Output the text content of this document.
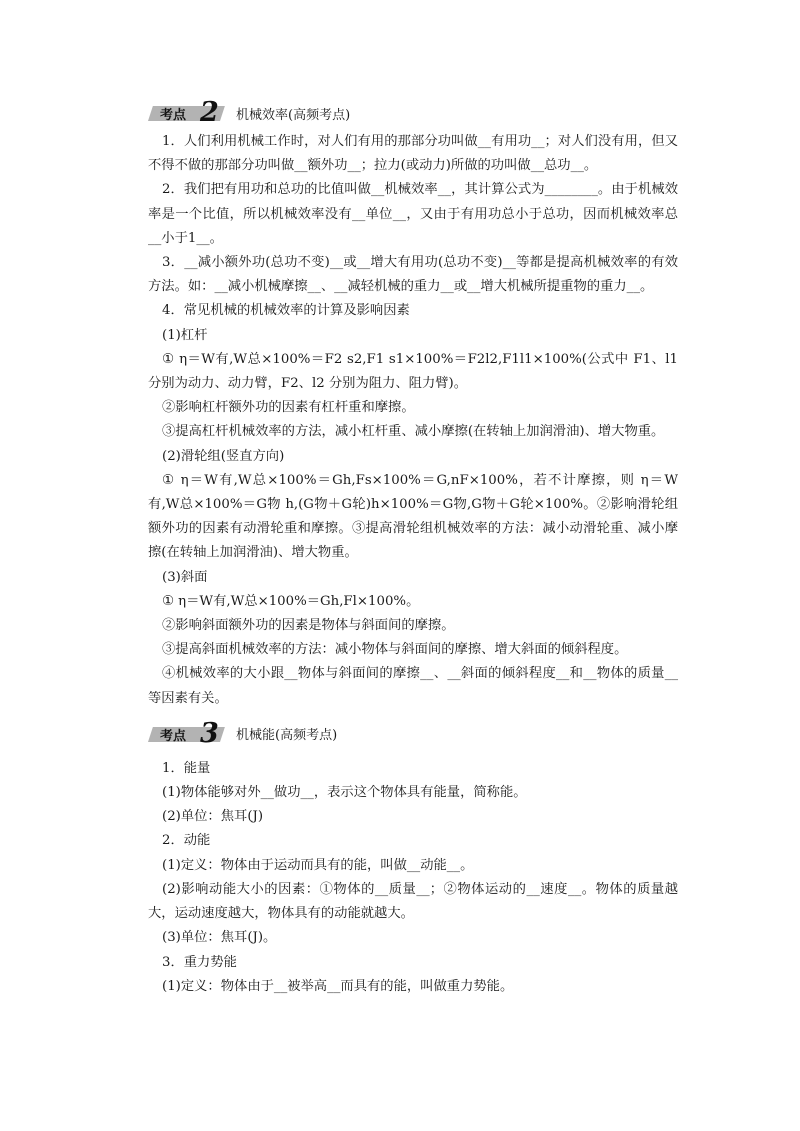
考点 2 机械效率(高频考点)

1．人们利用机械工作时，对人们有用的那部分功叫做__有用功__；对人们没有用，但又不得不做的那部分功叫做__额外功__；拉力(或动力)所做的功叫做__总功__。

2．我们把有用功和总功的比值叫做__机械效率__，其计算公式为________。由于机械效率是一个比值，所以机械效率没有__单位__，又由于有用功总小于总功，因而机械效率总__小于1__。

3．__减小额外功(总功不变)__或__增大有用功(总功不变)__等都是提高机械效率的有效方法。如：__减小机械摩擦__、__减轻机械的重力__或__增大机械所提重物的重力__。

4．常见机械的机械效率的计算及影响因素

(1)杠杆

① η＝W有,W总×100%＝F2 s2,F1 s1×100%＝F2l2,F1l1×100%(公式中 F1、l1 分别为动力、动力臂，F2、l2 分别为阻力、阻力臂)。

②影响杠杆额外功的因素有杠杆重和摩擦。

③提高杠杆机械效率的方法，减小杠杆重、减小摩擦(在转轴上加润滑油)、增大物重。

(2)滑轮组(竖直方向)

① η＝W有,W总×100%＝Gh,Fs×100%＝G,nF×100%，若不计摩擦，则 η＝W有,W总×100%＝G物 h,(G物＋G轮)h×100%＝G物,G物＋G轮×100%。②影响滑轮组额外功的因素有动滑轮重和摩擦。③提高滑轮组机械效率的方法：减小动滑轮重、减小摩擦(在转轴上加润滑油)、增大物重。

(3)斜面

① η＝W有,W总×100%＝Gh,Fl×100%。

②影响斜面额外功的因素是物体与斜面间的摩擦。

③提高斜面机械效率的方法：减小物体与斜面间的摩擦、增大斜面的倾斜程度。

④机械效率的大小跟__物体与斜面间的摩擦__、__斜面的倾斜程度__和__物体的质量__等因素有关。

考点 3 机械能(高频考点)

1．能量

(1)物体能够对外__做功__，表示这个物体具有能量，简称能。

(2)单位：焦耳(J)

2．动能

(1)定义：物体由于运动而具有的能，叫做__动能__。

(2)影响动能大小的因素：①物体的__质量__；②物体运动的__速度__。物体的质量越大，运动速度越大，物体具有的动能就越大。

(3)单位：焦耳(J)。

3．重力势能

(1)定义：物体由于__被举高__而具有的能，叫做重力势能。
